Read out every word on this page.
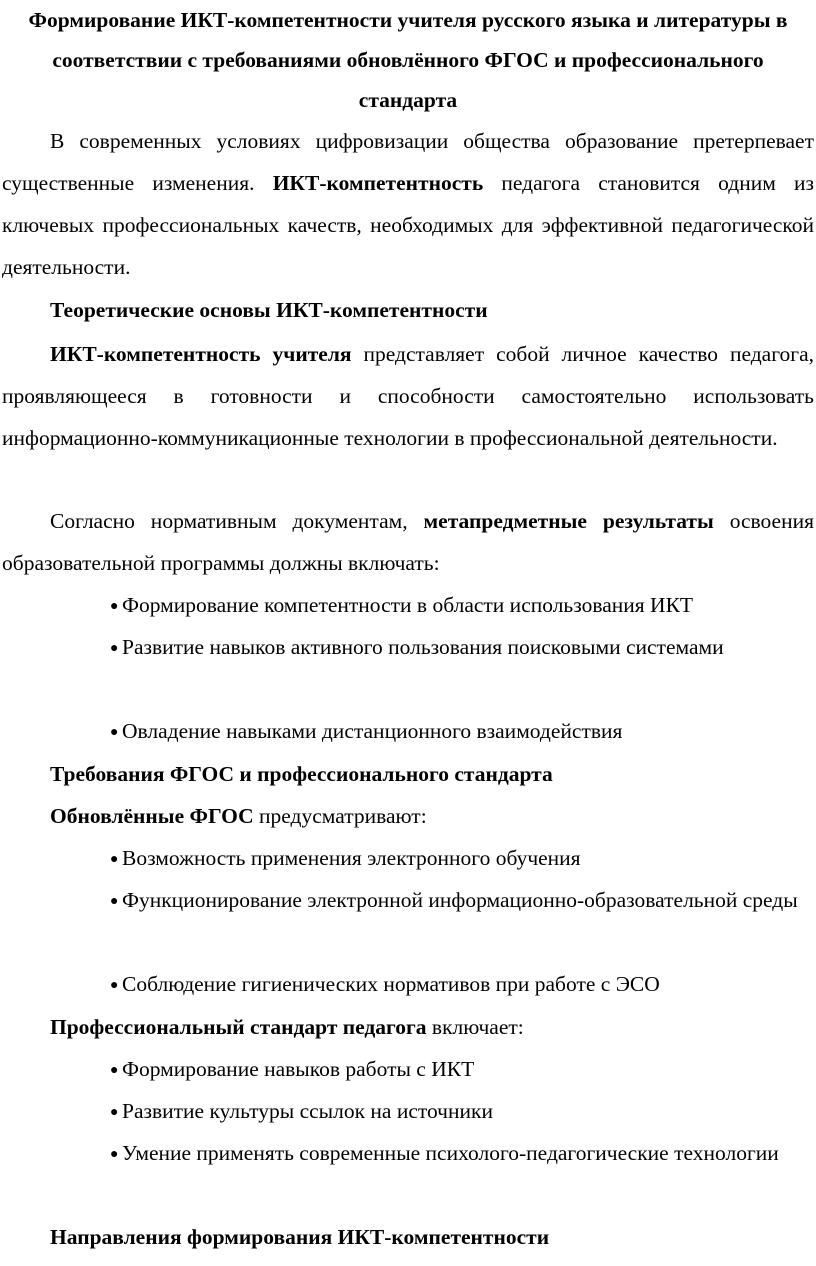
Формирование ИКТ-компетентности учителя русского языка и литературы в соответствии с требованиями обновлённого ФГОС и профессионального стандарта
В современных условиях цифровизации общества образование претерпевает существенные изменения. ИКТ-компетентность педагога становится одним из ключевых профессиональных качеств, необходимых для эффективной педагогической деятельности.
Теоретические основы ИКТ-компетентности
ИКТ-компетентность учителя представляет собой личное качество педагога, проявляющееся в готовности и способности самостоятельно использовать информационно-коммуникационные технологии в профессиональной деятельности.
Согласно нормативным документам, метапредметные результаты освоения образовательной программы должны включать:
● Формирование компетентности в области использования ИКТ
● Развитие навыков активного пользования поисковыми системами
● Овладение навыками дистанционного взаимодействия
Требования ФГОС и профессионального стандарта
Обновлённые ФГОС предусматривают:
● Возможность применения электронного обучения
● Функционирование электронной информационно-образовательной среды
● Соблюдение гигиенических нормативов при работе с ЭСО
Профессиональный стандарт педагога включает:
● Формирование навыков работы с ИКТ
● Развитие культуры ссылок на источники
● Умение применять современные психолого-педагогические технологии
Направления формирования ИКТ-компетентности
